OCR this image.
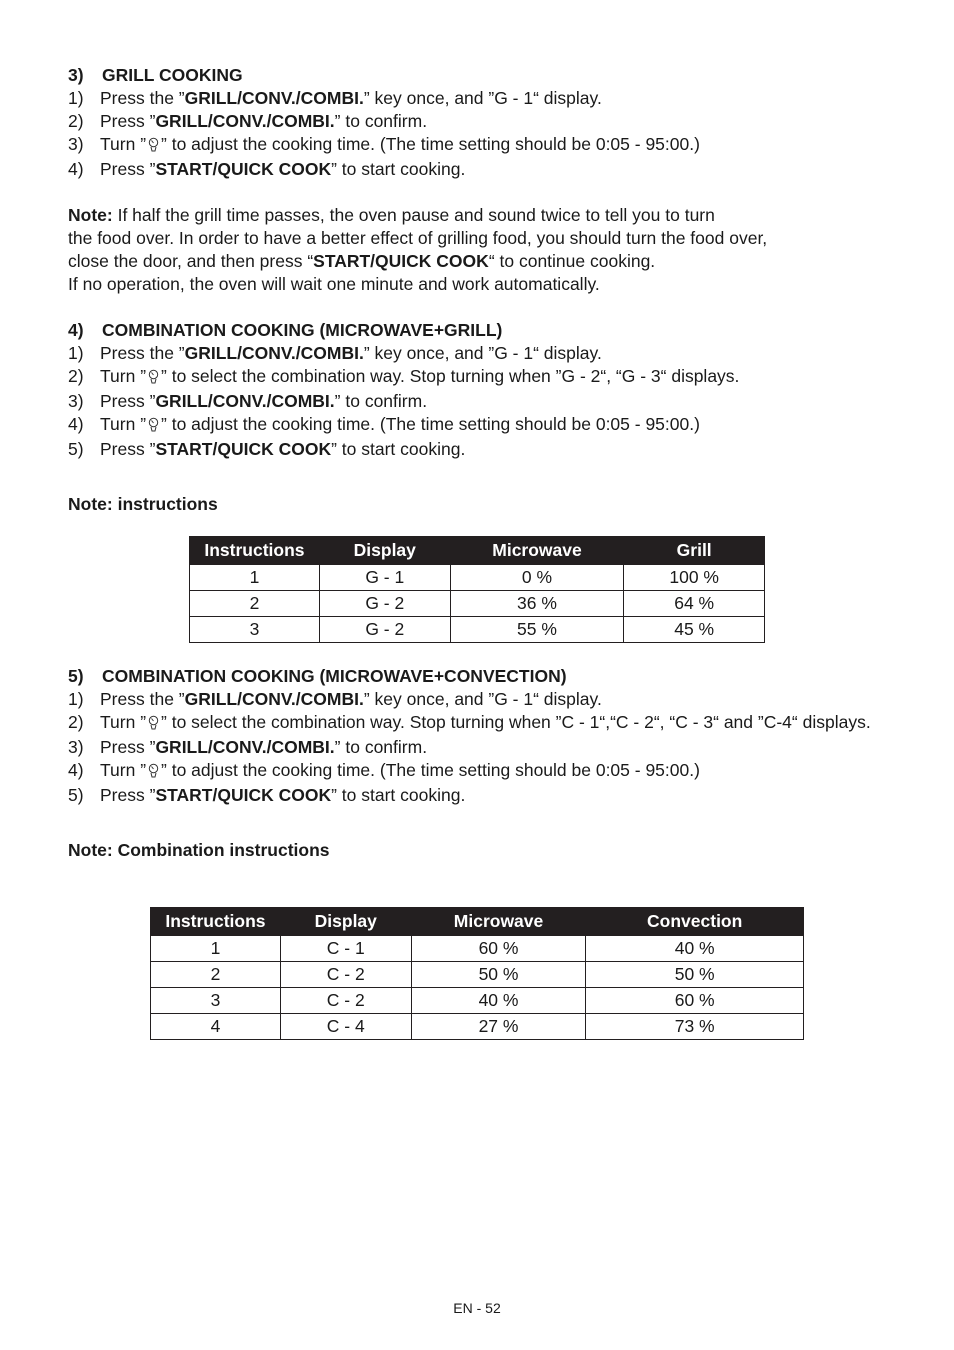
3) GRILL COOKING

1) Press the ”GRILL/CONV./COMBI.” key once, and ”G - 1“ display.
2) Press ”GRILL/CONV./COMBI.” to confirm.
3) Turn ” ” to adjust the cooking time. (The time setting should be 0:05 - 95:00.)
4) Press ”START/QUICK COOK” to start cooking.

Note: If half the grill time passes, the oven pause and sound twice to tell you to turn

the food over. In order to have a better effect of grilling food, you should turn the food over,

close the door, and then press “START/QUICK COOK“ to continue cooking.

If no operation, the oven will wait one minute and work automatically.

4) COMBINATION COOKING (MICROWAVE+GRILL)

1) Press the ”GRILL/CONV./COMBI.” key once, and ”G - 1“ display.
2) Turn ” ” to select the combination way. Stop turning when ”G - 2“, “G - 3“ displays.
3) Press ”GRILL/CONV./COMBI.” to confirm.
4) Turn ” ” to adjust the cooking time. (The time setting should be 0:05 - 95:00.)
5) Press ”START/QUICK COOK” to start cooking.

Note: instructions

Instructions	Display	Microwave	Grill
1	G - 1	0 %	100 %
2	G - 2	36 %	64 %
3	G - 2	55 %	45 %

5) COMBINATION COOKING (MICROWAVE+CONVECTION)

1) Press the ”GRILL/CONV./COMBI.” key once, and ”G - 1“ display.
2) Turn ” ” to select the combination way. Stop turning when ”C - 1“,“C - 2“, “C - 3“ and ”C-4“ displays.
3) Press ”GRILL/CONV./COMBI.” to confirm.
4) Turn ” ” to adjust the cooking time. (The time setting should be 0:05 - 95:00.)
5) Press ”START/QUICK COOK” to start cooking.

Note: Combination instructions

Instructions	Display	Microwave	Convection
1	C - 1	60 %	40 %
2	C - 2	50 %	50 %
3	C - 2	40 %	60 %
4	C - 4	27 %	73 %
EN - 52
